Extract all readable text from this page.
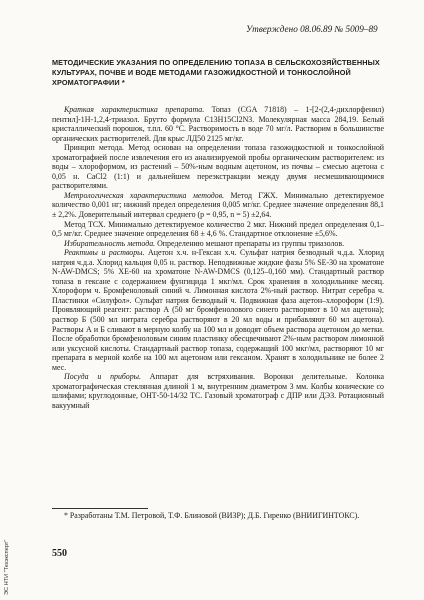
Утверждено 08.06.89 № 5009–89
МЕТОДИЧЕСКИЕ УКАЗАНИЯ ПО ОПРЕДЕЛЕНИЮ ТОПАЗА В СЕЛЬСКОХОЗЯЙСТВЕННЫХ КУЛЬТУРАХ, ПОЧВЕ И ВОДЕ МЕТОДАМИ ГАЗОЖИДКОСТНОЙ И ТОНКОСЛОЙНОЙ ХРОМАТОГРАФИИ *

Краткая характеристика препарата. Топаз (CGA 71818) – 1-[2-(2,4-дихлорфенил) пентил]-1Н-1,2,4-триазол. Брутто формула C13H15Cl2N3. Молекулярная масса 284,19. Белый кристаллический порошок, т.пл. 60 °С. Растворимость в воде 70 мг/л. Растворим в большинстве органических растворителей. Для крыс ЛД50 2125 мг/кг.

Принцип метода. Метод основан на определении топаза газожидкостной и тонкослойной хроматографией после извлечения его из анализируемой пробы органическим растворителем: из воды – хлороформом, из растений – 50%-ным водным ацетоном, из почвы – смесью ацетона с 0,05 н. CaCl2 (1:1) и дальнейшем переэкстракции между двумя несмешивающимися растворителями.

Метрологическая характеристика методов. Метод ГЖХ. Минимально детектируемое количество 0,001 нг; нижний предел определения 0,005 мг/кг. Среднее значение определения 88,1 ± 2,2%. Доверительный интервал среднего (р = 0,95, n = 5) ±2,64.

Метод ТСХ. Минимально детектируемое количество 2 мкг. Нижний предел определения 0,1–0,5 мг/кг. Среднее значение определения 68 ± 4,6 %. Стандартное отклонение ±5,6%.

Избирательность метода. Определению мешают препараты из группы триазолов.

Реактивы и растворы. Ацетон х.ч. н-Гексан х.ч. Сульфат натрия безводный ч.д.а. Хлорид натрия ч.д.а. Хлорид кальция 0,05 н. раствор. Неподвижные жидкие фазы 5% SE-30 на хроматоне N-AW-DMCS; 5% XE-60 на хроматоне N-AW-DMCS (0,125–0,160 мм). Стандартный раствор топаза в гексане с содержанием фунгицида 1 мкг/мл. Срок хранения в холодильнике месяц. Хлороформ ч. Бромфеноловый синий ч. Лимонная кислота 2%-ный раствор. Нитрат серебра ч. Пластинки «Силуфол». Сульфат натрия безводный ч. Подвижная фаза ацетон–хлороформ (1:9). Проявляющий реагент: раствор А (50 мг бромфенолового синего растворяют в 10 мл ацетона); раствор Б (500 мл нитрата серебра растворяют в 20 мл воды и прибавляют 60 мл ацетона). Растворы А и Б сливают в мерную колбу на 100 мл и доводят объем раствора ацетоном до метки. После обработки бромфеноловым синим пластинку обесцвечивают 2%-ным раствором лимонной или уксусной кислоты. Стандартный раствор топаза, содержащий 100 мкг/мл, растворяют 10 мг препарата в мерной колбе на 100 мл ацетоном или гексаном. Хранят в холодильнике не более 2 мес.

Посуда и приборы. Аппарат для встряхивания. Воронки делительные. Колонка хроматографическая стеклянная длиной 1 м, внутренним диаметром 3 мм. Колбы конические со шлифами; круглодонные, ОНТ-50-14/32 ТС. Газовый хроматограф с ДПР или ДЭЗ. Ротационный вакуумный

* Разработаны Т.М. Петровой, Т.Ф. Блиновой (ВИЗР); Д.Б. Гиренко (ВНИИГИНТОКС).

550
ЭС НТИ "Техэксперт"
